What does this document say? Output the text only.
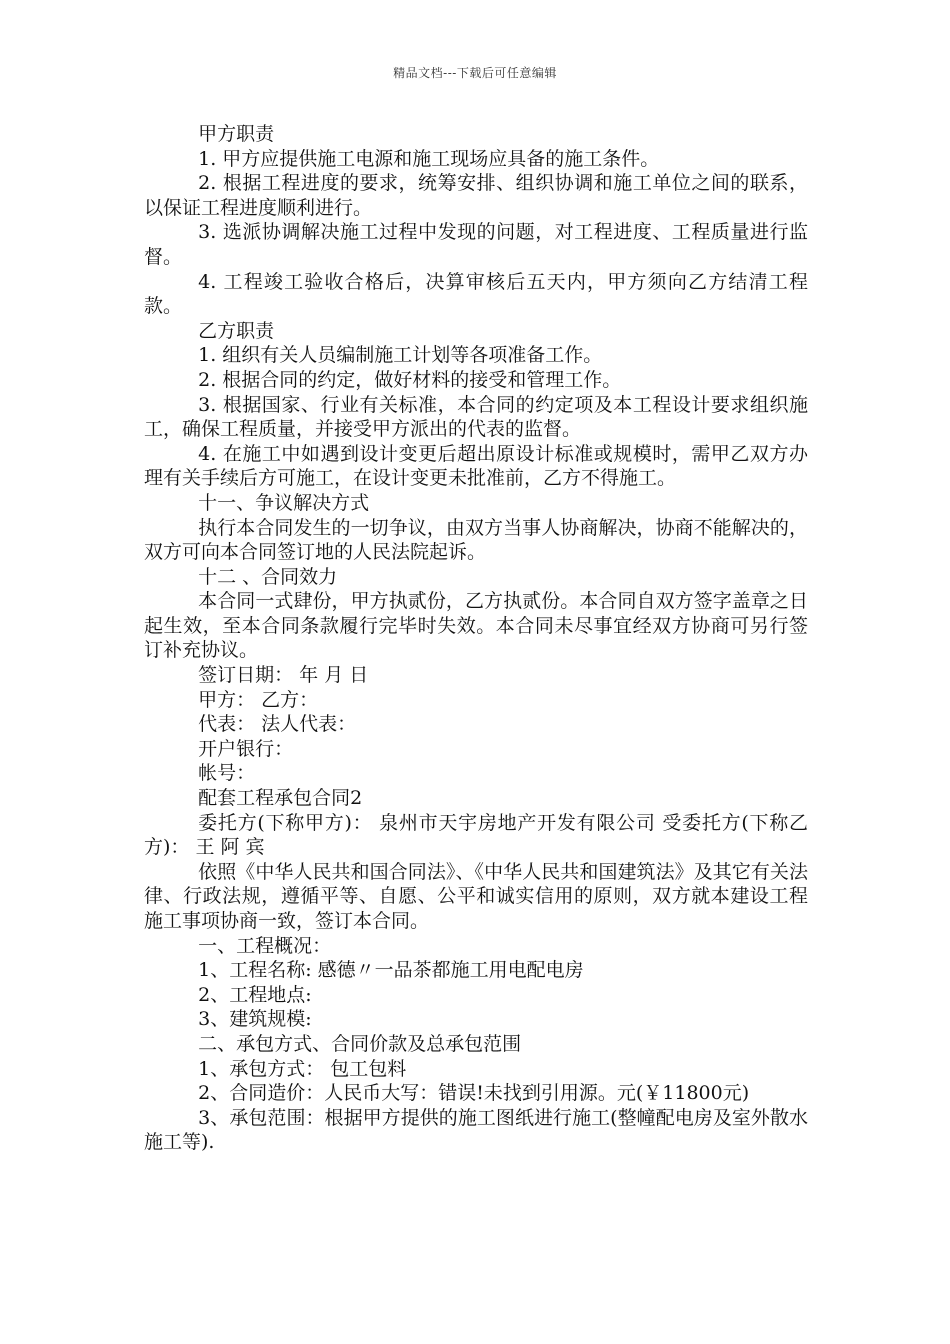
精品文档---下载后可任意编辑

甲方职责

1. 甲方应提供施工电源和施工现场应具备的施工条件。

2. 根据工程进度的要求，统筹安排、组织协调和施工单位之间的联系，以保证工程进度顺利进行。

3. 选派协调解决施工过程中发现的问题，对工程进度、工程质量进行监督。

4. 工程竣工验收合格后，决算审核后五天内，甲方须向乙方结清工程款。

乙方职责

1. 组织有关人员编制施工计划等各项准备工作。

2. 根据合同的约定，做好材料的接受和管理工作。

3. 根据国家、行业有关标准，本合同的约定项及本工程设计要求组织施工，确保工程质量，并接受甲方派出的代表的监督。

4. 在施工中如遇到设计变更后超出原设计标准或规模时，需甲乙双方办理有关手续后方可施工，在设计变更未批准前，乙方不得施工。

十一、争议解决方式

执行本合同发生的一切争议，由双方当事人协商解决，协商不能解决的，双方可向本合同签订地的人民法院起诉。

十二 、合同效力

本合同一式肆份，甲方执贰份，乙方执贰份。本合同自双方签字盖章之日起生效，至本合同条款履行完毕时失效。本合同未尽事宜经双方协商可另行签订补充协议。

签订日期： 年 月 日

甲方： 乙方：

代表： 法人代表：

开户银行：

帐号：

配套工程承包合同2

委托方(下称甲方)： 泉州市天宇房地产开发有限公司 受委托方(下称乙方)： 王 阿 宾

依照《中华人民共和国合同法》、《中华人民共和国建筑法》及其它有关法律、行政法规，遵循平等、自愿、公平和诚实信用的原则，双方就本建设工程施工事项协商一致，签订本合同。

一、工程概况：

1、工程名称: 感德〃一品茶都施工用电配电房

2、工程地点:

3、建筑规模:

二、承包方式、合同价款及总承包范围

1、承包方式： 包工包料

2、合同造价：人民币大写：错误!未找到引用源。元(￥11800元)

3、承包范围：根据甲方提供的施工图纸进行施工(整幢配电房及室外散水施工等).
